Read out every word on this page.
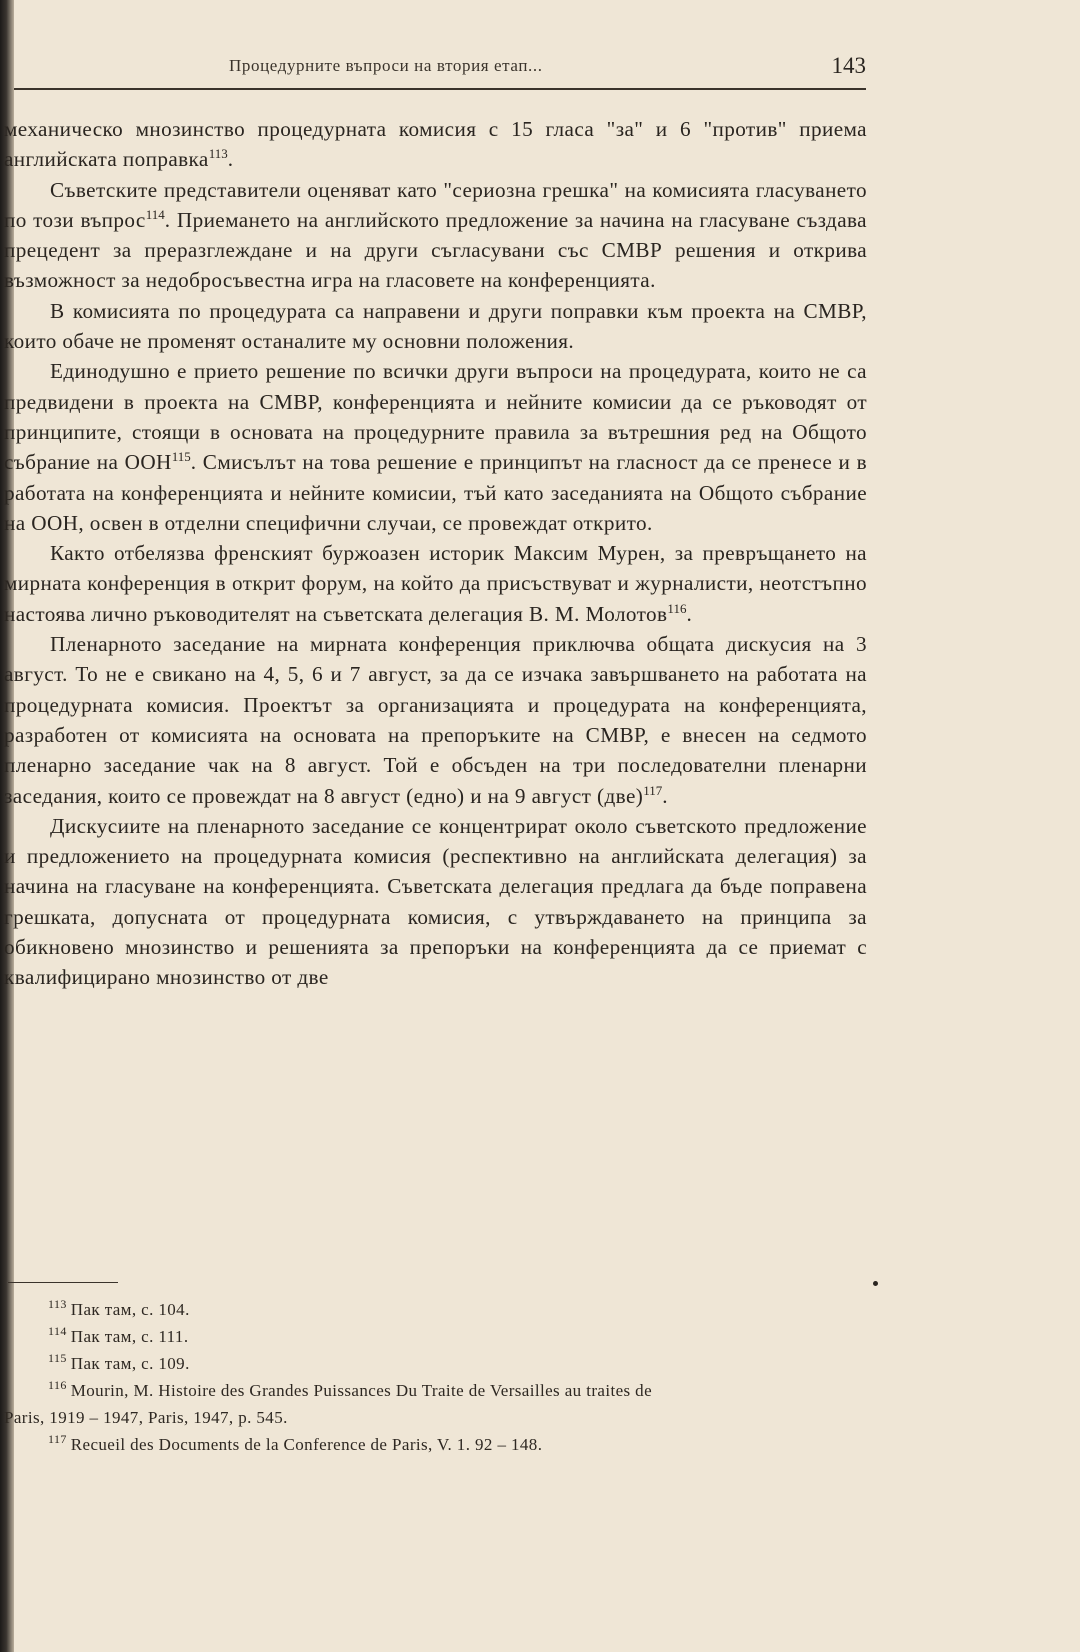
Процедурните въпроси на втория етап...	143

механическо мнозинство процедурната комисия с 15 гласа "за" и 6 "против" приема английската поправка$^{113}$.

Съветските представители оценяват като "сериозна грешка" на комисията гласуването по този въпрос$^{114}$. Приемането на английското предложение за начина на гласуване създава прецедент за преразглеждане и на други съгласувани със СМВР решения и открива възможност за недобросъвестна игра на гласовете на конференцията.

В комисията по процедурата са направени и други поправки към проекта на СМВР, които обаче не променят останалите му основни положения.

Единодушно е прието решение по всички други въпроси на процедурата, които не са предвидени в проекта на СМВР, конференцията и нейните комисии да се ръководят от принципите, стоящи в основата на процедурните правила за вътрешния ред на Общото събрание на ООН$^{115}$. Смисълът на това решение е принципът на гласност да се пренесе и в работата на конференцията и нейните комисии, тъй като заседанията на Общото събрание на ООН, освен в отделни специфични случаи, се провеждат открито.

Както отбелязва френският буржоазен историк Максим Мурен, за превръщането на мирната конференция в открит форум, на който да присъствуват и журналисти, неотстъпно настоява лично ръководителят на съветската делегация В. М. Молотов$^{116}$.

Пленарното заседание на мирната конференция приключва общата дискусия на 3 август. То не е свикано на 4, 5, 6 и 7 август, за да се изчака завършването на работата на процедурната комисия. Проектът за организацията и процедурата на конференцията, разработен от комисията на основата на препоръките на СМВР, е внесен на седмото пленарно заседание чак на 8 август. Той е обсъден на три последователни пленарни заседания, които се провеждат на 8 август (едно) и на 9 август (две)$^{117}$.

Дискусиите на пленарното заседание се концентрират около съветското предложение и предложението на процедурната комисия (респективно на английската делегация) за начина на гласуване на конференцията. Съветската делегация предлага да бъде поправена грешката, допусната от процедурната комисия, с утвърждаването на принципа за обикновено мнозинство и решенията за препоръки на конференцията да се приемат с квалифицирано мнозинство от две

$^{113}$ Пак там, с. 104.
$^{114}$ Пак там, с. 111.
$^{115}$ Пак там, с. 109.
$^{116}$ Mourin, M. Histoire des Grandes Puissances Du Traite de Versailles au traites de
Paris, 1919 – 1947, Paris, 1947, p. 545.
$^{117}$ Recueil des Documents de la Conference de Paris, V. 1. 92 – 148.
